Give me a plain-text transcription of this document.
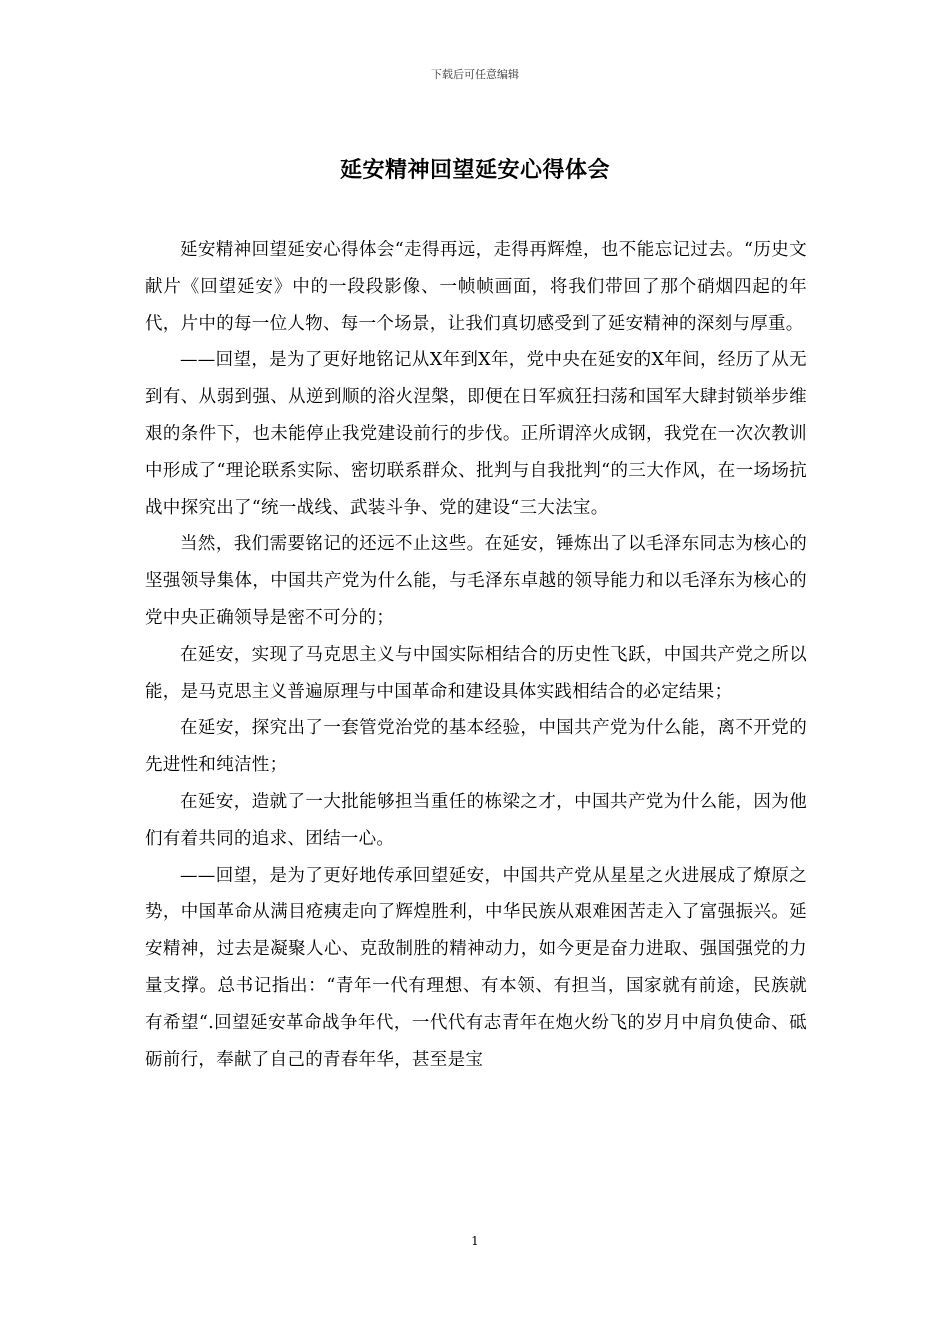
下载后可任意编辑
延安精神回望延安心得体会

延安精神回望延安心得体会“走得再远，走得再辉煌，也不能忘记过去。“历史文献片《回望延安》中的一段段影像、一帧帧画面，将我们带回了那个硝烟四起的年代，片中的每一位人物、每一个场景，让我们真切感受到了延安精神的深刻与厚重。

——回望，是为了更好地铭记从X年到X年，党中央在延安的X年间，经历了从无到有、从弱到强、从逆到顺的浴火涅槃，即便在日军疯狂扫荡和国军大肆封锁举步维艰的条件下，也未能停止我党建设前行的步伐。正所谓淬火成钢，我党在一次次教训中形成了“理论联系实际、密切联系群众、批判与自我批判“的三大作风，在一场场抗战中探究出了“统一战线、武装斗争、党的建设“三大法宝。

当然，我们需要铭记的还远不止这些。在延安，锤炼出了以毛泽东同志为核心的坚强领导集体，中国共产党为什么能，与毛泽东卓越的领导能力和以毛泽东为核心的党中央正确领导是密不可分的；

在延安，实现了马克思主义与中国实际相结合的历史性飞跃，中国共产党之所以能，是马克思主义普遍原理与中国革命和建设具体实践相结合的必定结果；

在延安，探究出了一套管党治党的基本经验，中国共产党为什么能，离不开党的先进性和纯洁性；

在延安，造就了一大批能够担当重任的栋梁之才，中国共产党为什么能，因为他们有着共同的追求、团结一心。

——回望，是为了更好地传承回望延安，中国共产党从星星之火进展成了燎原之势，中国革命从满目疮痍走向了辉煌胜利，中华民族从艰难困苦走入了富强振兴。延安精神，过去是凝聚人心、克敌制胜的精神动力，如今更是奋力进取、强国强党的力量支撑。总书记指出：“青年一代有理想、有本领、有担当，国家就有前途，民族就有希望“.回望延安革命战争年代，一代代有志青年在炮火纷飞的岁月中肩负使命、砥砺前行，奉献了自己的青春年华，甚至是宝

1
